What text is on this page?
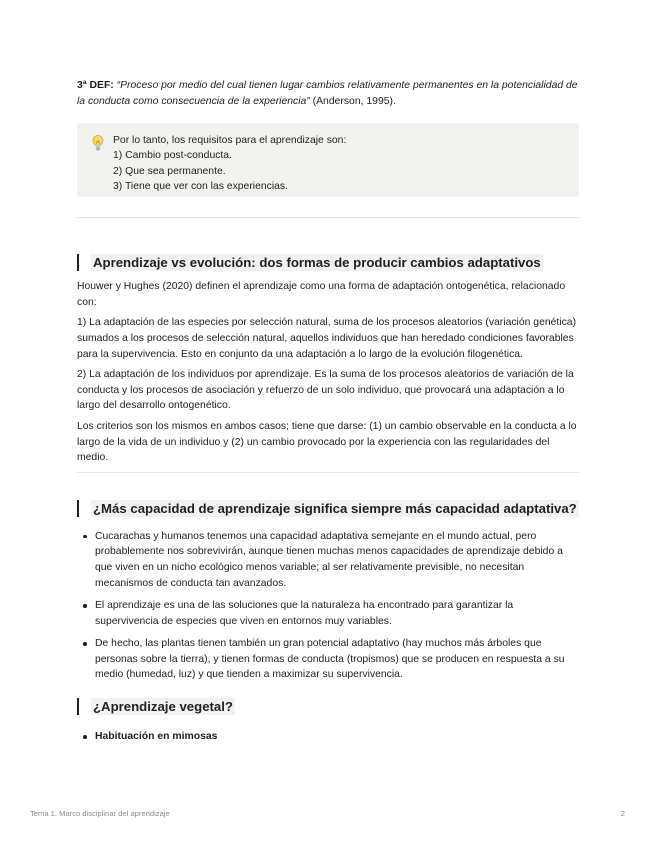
3ª DEF: “Proceso por medio del cual tienen lugar cambios relativamente permanentes en la potencialidad de la conducta como consecuencia de la experiencia” (Anderson, 1995).

Por lo tanto, los requisitos para el aprendizaje son:
1) Cambio post-conducta.
2) Que sea permanente.
3) Tiene que ver con las experiencias.
Aprendizaje vs evolución: dos formas de producir cambios adaptativos

Houwer y Hughes (2020) definen el aprendizaje como una forma de adaptación ontogenética, relacionado con:

1) La adaptación de las especies por selección natural, suma de los procesos aleatorios (variación genética) sumados a los procesos de selección natural, aquellos individuos que han heredado condiciones favorables para la supervivencia. Esto en conjunto da una adaptación a lo largo de la evolución filogenética.

2) La adaptación de los individuos por aprendizaje. Es la suma de los procesos aleatorios de variación de la conducta y los procesos de asociación y refuerzo de un solo individuo, que provocará una adaptación a lo largo del desarrollo ontogenético.

Los criterios son los mismos en ambos casos; tiene que darse: (1) un cambio observable en la conducta a lo largo de la vida de un individuo y (2) un cambio provocado por la experiencia con las regularidades del medio.

¿Más capacidad de aprendizaje significa siempre más capacidad adaptativa?
Cucarachas y humanos tenemos una capacidad adaptativa semejante en el mundo actual, pero probablemente nos sobrevivirán, aunque tienen muchas menos capacidades de aprendizaje debido a que viven en un nicho ecológico menos variable; al ser relativamente previsible, no necesitan mecanismos de conducta tan avanzados.
El aprendizaje es una de las soluciones que la naturaleza ha encontrado para garantizar la supervivencia de especies que viven en entornos muy variables.
De hecho, las plantas tienen también un gran potencial adaptativo (hay muchos más árboles que personas sobre la tierra), y tienen formas de conducta (tropismos) que se producen en respuesta a su medio (humedad, luz) y que tienden a maximizar su supervivencia.
¿Aprendizaje vegetal?
Habituación en mimosas
Tema 1. Marco disciplinar del aprendizaje	2
